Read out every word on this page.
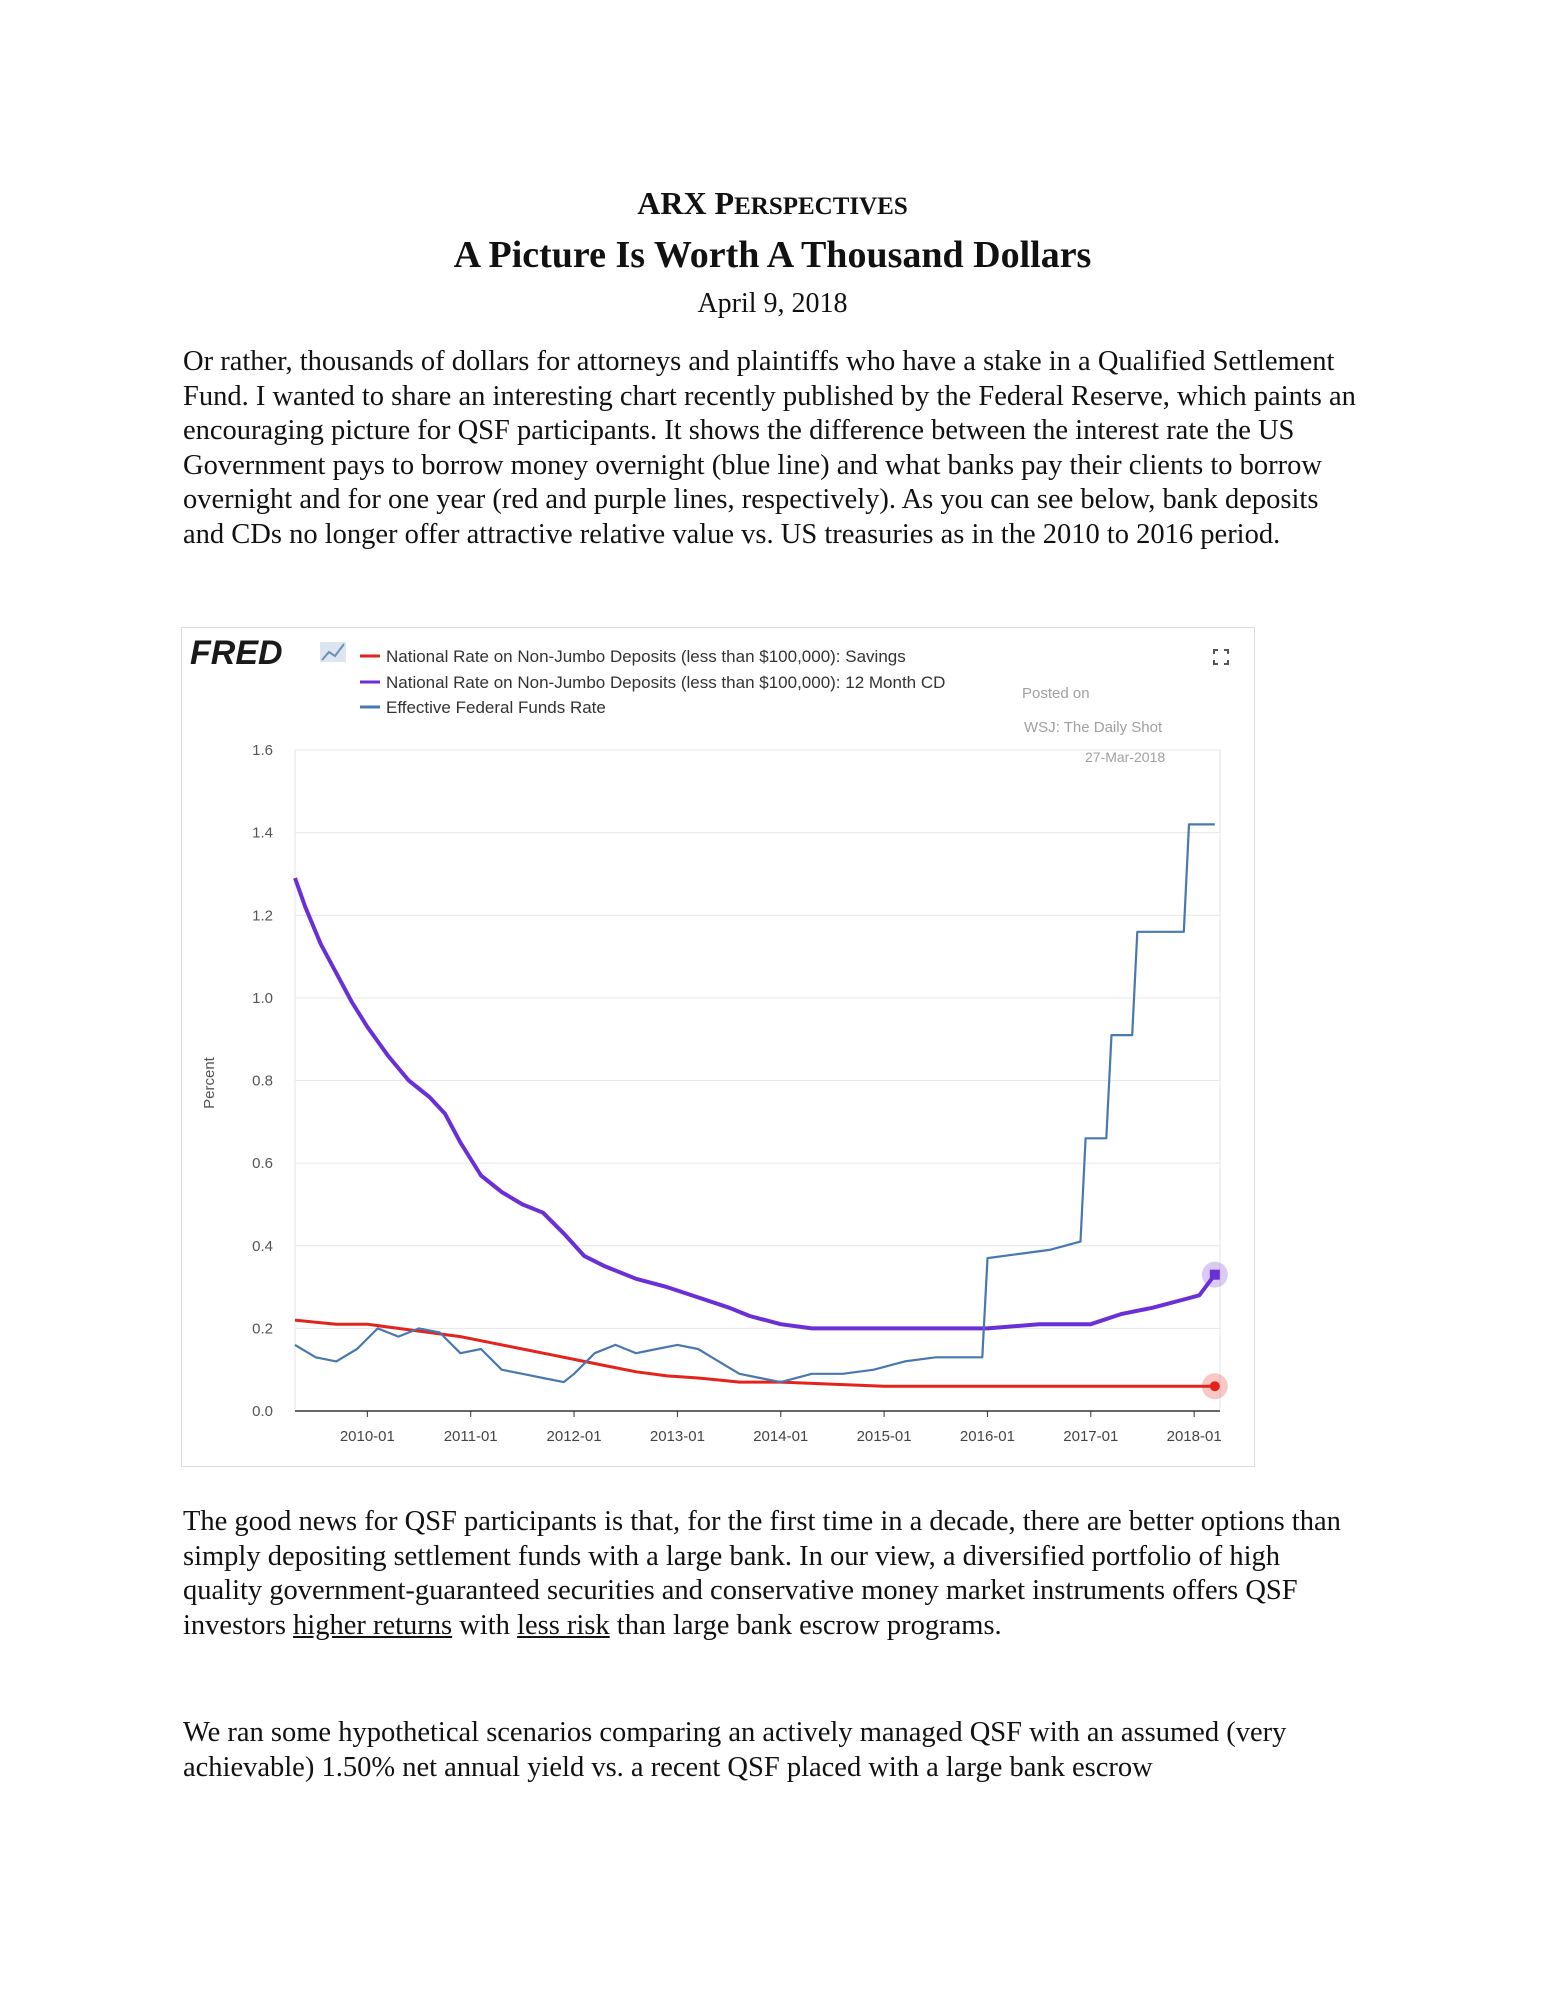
ARX PERSPECTIVES
A Picture Is Worth A Thousand Dollars
April 9, 2018

Or rather, thousands of dollars for attorneys and plaintiffs who have a stake in a Qualified Settlement Fund. I wanted to share an interesting chart recently published by the Federal Reserve, which paints an encouraging picture for QSF participants. It shows the difference between the interest rate the US Government pays to borrow money overnight (blue line) and what banks pay their clients to borrow overnight and for one year (red and purple lines, respectively). As you can see below, bank deposits and CDs no longer offer attractive relative value vs. US treasuries as in the 2010 to 2016 period.

FRED	National Rate on Non-Jumbo Deposits (less than $100,000): Savings
National Rate on Non-Jumbo Deposits (less than $100,000): 12 Month CD
Effective Federal Funds Rate
Posted on
WSJ: The Daily Shot
27-Mar-2018
Percent
0.0
0.2
0.4
0.6
0.8
1.0
1.2
1.4
1.6
2010-01	2011-01	2012-01	2013-01	2014-01	2015-01	2016-01	2017-01	2018-01

The good news for QSF participants is that, for the first time in a decade, there are better options than simply depositing settlement funds with a large bank. In our view, a diversified portfolio of high quality government-guaranteed securities and conservative money market instruments offers QSF investors higher returns with less risk than large bank escrow programs.

We ran some hypothetical scenarios comparing an actively managed QSF with an assumed (very achievable) 1.50% net annual yield vs. a recent QSF placed with a large bank escrow
